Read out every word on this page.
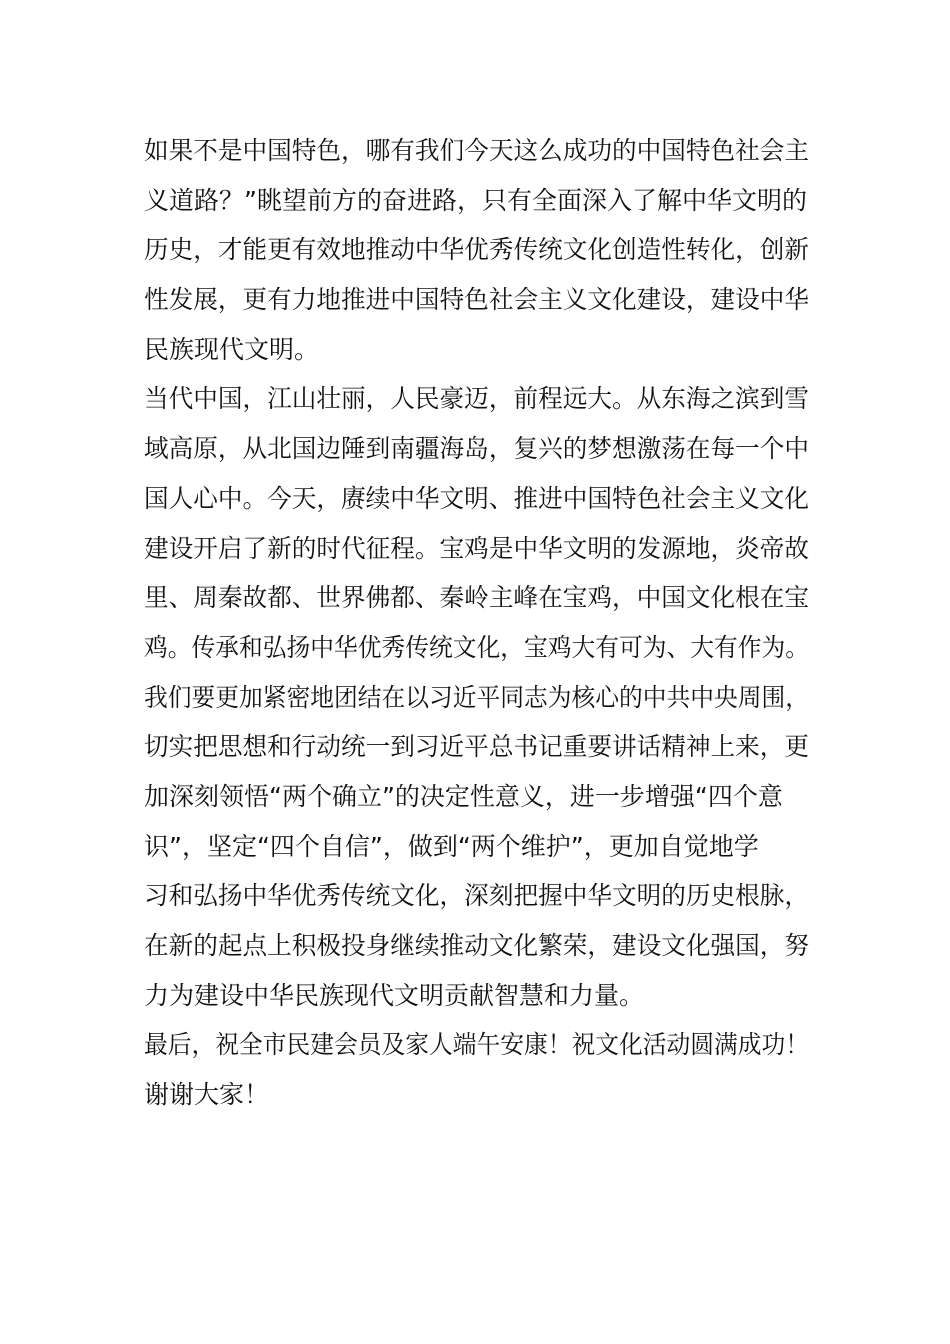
如果不是中国特色，哪有我们今天这么成功的中国特色社会主
义道路？”眺望前方的奋进路，只有全面深入了解中华文明的
历史，才能更有效地推动中华优秀传统文化创造性转化，创新
性发展，更有力地推进中国特色社会主义文化建设，建设中华
民族现代文明。
当代中国，江山壮丽，人民豪迈，前程远大。从东海之滨到雪
域高原，从北国边陲到南疆海岛，复兴的梦想激荡在每一个中
国人心中。今天，赓续中华文明、推进中国特色社会主义文化
建设开启了新的时代征程。宝鸡是中华文明的发源地，炎帝故
里、周秦故都、世界佛都、秦岭主峰在宝鸡，中国文化根在宝
鸡。传承和弘扬中华优秀传统文化，宝鸡大有可为、大有作为。
我们要更加紧密地团结在以习近平同志为核心的中共中央周围，
切实把思想和行动统一到习近平总书记重要讲话精神上来，更
加深刻领悟“两个确立”的决定性意义，进一步增强“四个意
识”，坚定“四个自信”，做到“两个维护”，更加自觉地学
习和弘扬中华优秀传统文化，深刻把握中华文明的历史根脉，
在新的起点上积极投身继续推动文化繁荣，建设文化强国，努
力为建设中华民族现代文明贡献智慧和力量。
最后，祝全市民建会员及家人端午安康！祝文化活动圆满成功！
谢谢大家！
